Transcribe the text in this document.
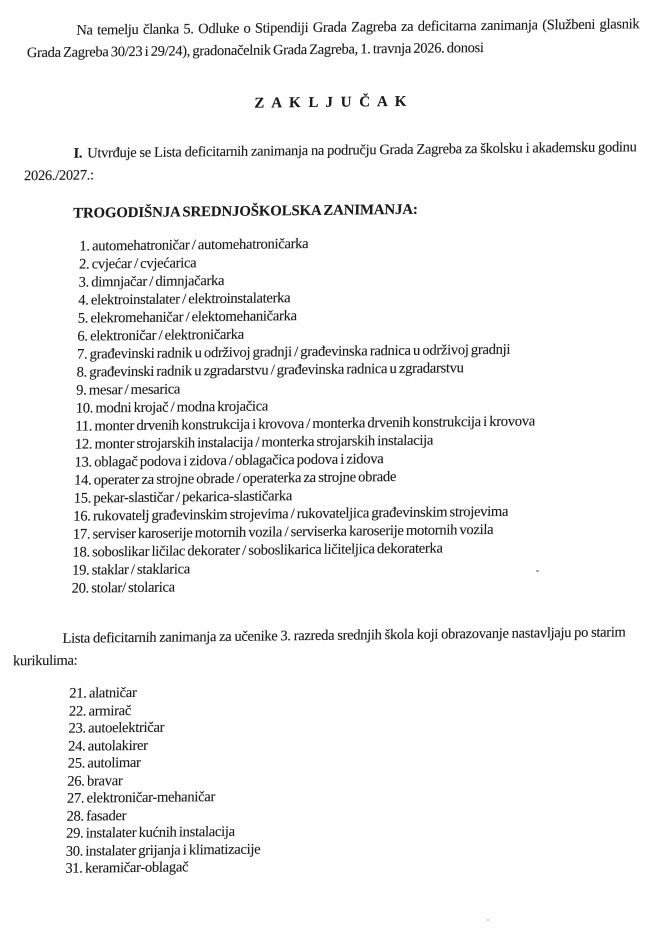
Na temelju članka 5. Odluke o Stipendiji Grada Zagreba za deficitarna zanimanja (Službeni glasnik Grada Zagreba 30/23 i 29/24), gradonačelnik Grada Zagreba, 1. travnja 2026. donosi

Z A K L J U Č A K

I. Utvrđuje se Lista deficitarnih zanimanja na području Grada Zagreba za školsku i akademsku godinu 2026./2027.:

TROGODIŠNJA SREDNJOŠKOLSKA ZANIMANJA:
1. automehatroničar / automehatroničarka
2. cvjećar / cvjećarica
3. dimnjačar / dimnjačarka
4. elektroinstalater / elektroinstalaterka
5. elekromehaničar / elektomehaničarka
6. elektroničar / elektroničarka
7. građevinski radnik u održivoj gradnji / građevinska radnica u održivoj gradnji
8. građevinski radnik u zgradarstvu / građevinska radnica u zgradarstvu
9. mesar / mesarica
10. modni krojač / modna krojačica
11. monter drvenih konstrukcija i krovova / monterka drvenih konstrukcija i krovova
12. monter strojarskih instalacija / monterka strojarskih instalacija
13. oblagač podova i zidova / oblagačica podova i zidova
14. operater za strojne obrade / operaterka za strojne obrade
15. pekar-slastičar / pekarica-slastičarka
16. rukovatelj građevinskim strojevima / rukovateljica građevinskim strojevima
17. serviser karoserije motornih vozila / serviserka karoserije motornih vozila
18. soboslikar ličilac dekorater / soboslikarica ličiteljica dekoraterka
19. staklar / staklarica
20. stolar/ stolarica

Lista deficitarnih zanimanja za učenike 3. razreda srednjih škola koji obrazovanje nastavljaju po starim kurikulima:

21. alatničar
22. armirač
23. autoelektričar
24. autolakirer
25. autolimar
26. bravar
27. elektroničar-mehaničar
28. fasader
29. instalater kućnih instalacija
30. instalater grijanja i klimatizacije
31. keramičar-oblagač
